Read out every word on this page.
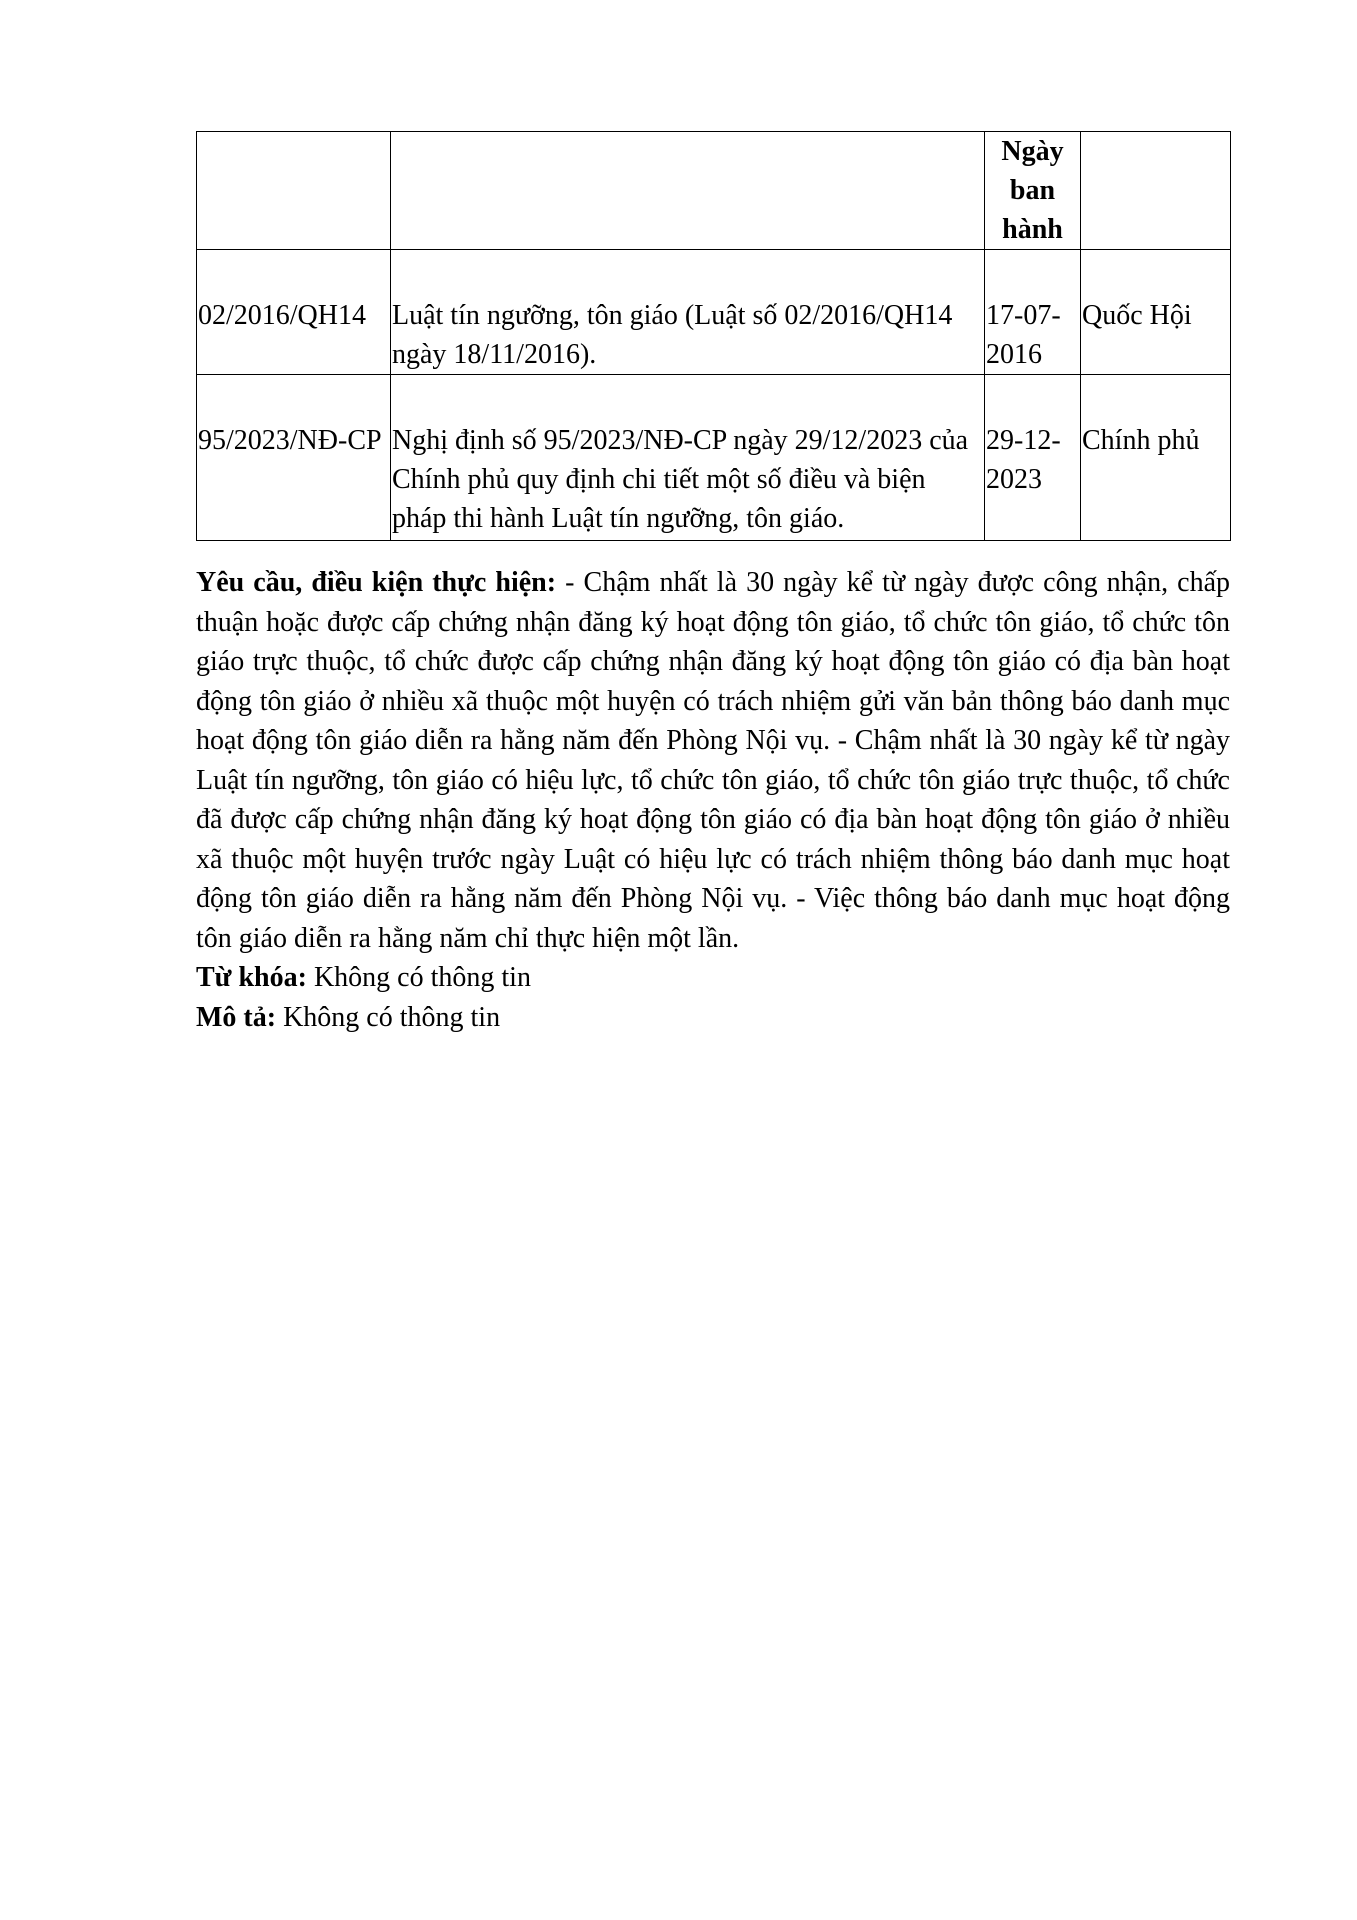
		Ngày ban hành	
02/2016/QH14	Luật tín ngưỡng, tôn giáo (Luật số 02/2016/QH14 ngày 18/11/2016).	17-07-2016	Quốc Hội
95/2023/NĐ-CP	Nghị định số 95/2023/NĐ-CP ngày 29/12/2023 của Chính phủ quy định chi tiết một số điều và biện pháp thi hành Luật tín ngưỡng, tôn giáo.	29-12-2023	Chính phủ

Yêu cầu, điều kiện thực hiện: - Chậm nhất là 30 ngày kể từ ngày được công nhận, chấp thuận hoặc được cấp chứng nhận đăng ký hoạt động tôn giáo, tổ chức tôn giáo, tổ chức tôn giáo trực thuộc, tổ chức được cấp chứng nhận đăng ký hoạt động tôn giáo có địa bàn hoạt động tôn giáo ở nhiều xã thuộc một huyện có trách nhiệm gửi văn bản thông báo danh mục hoạt động tôn giáo diễn ra hằng năm đến Phòng Nội vụ. - Chậm nhất là 30 ngày kể từ ngày Luật tín ngưỡng, tôn giáo có hiệu lực, tổ chức tôn giáo, tổ chức tôn giáo trực thuộc, tổ chức đã được cấp chứng nhận đăng ký hoạt động tôn giáo có địa bàn hoạt động tôn giáo ở nhiều xã thuộc một huyện trước ngày Luật có hiệu lực có trách nhiệm thông báo danh mục hoạt động tôn giáo diễn ra hằng năm đến Phòng Nội vụ. - Việc thông báo danh mục hoạt động tôn giáo diễn ra hằng năm chỉ thực hiện một lần.

Từ khóa: Không có thông tin

Mô tả: Không có thông tin
